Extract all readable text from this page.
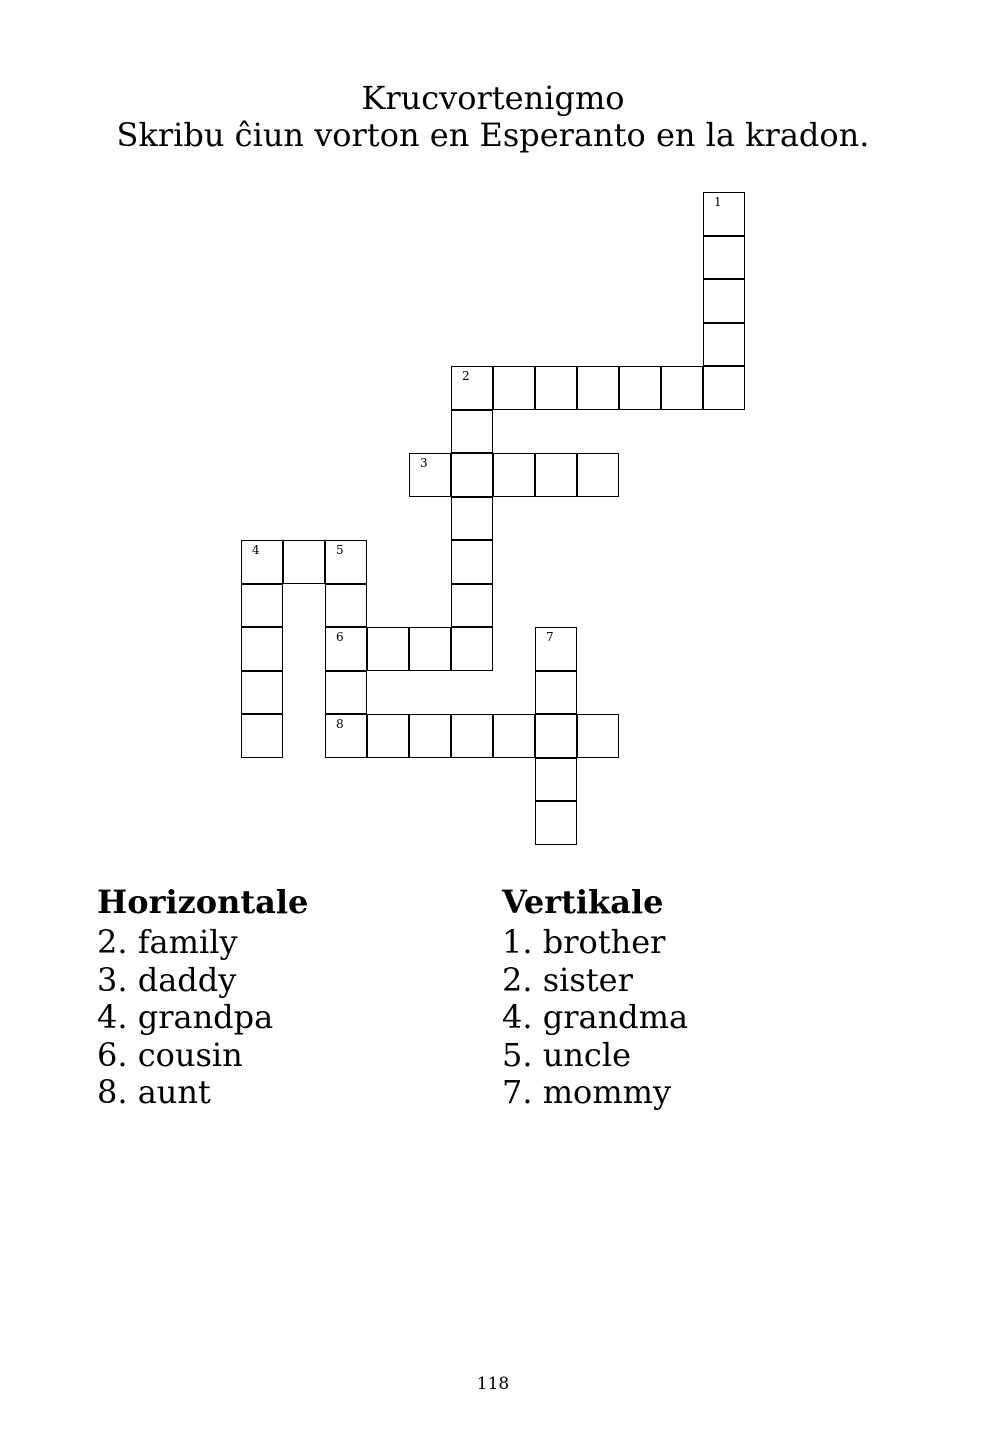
Krucvortenigmo

Skribu ĉiun vorton en Esperanto en la kradon.

1
2
3
4	5
6	7
8
Horizontale
2. family
3. daddy
4. grandpa
6. cousin
8. aunt
Vertikale
1. brother
2. sister
4. grandma
5. uncle
7. mommy
118
